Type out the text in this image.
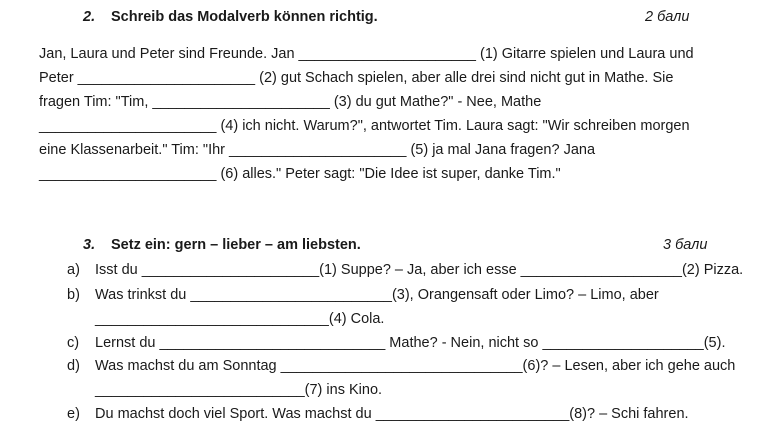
2. Schreib das Modalverb können richtig.	2 бали
Jan, Laura und Peter sind Freunde. Jan ______________________ (1) Gitarre spielen und Laura und
Peter ______________________ (2) gut Schach spielen, aber alle drei sind nicht gut in Mathe. Sie
fragen Tim: "Tim, ______________________ (3) du gut Mathe?" - Nee, Mathe
______________________ (4) ich nicht. Warum?", antwortet Tim. Laura sagt: "Wir schreiben morgen
eine Klassenarbeit." Tim: "Ihr ______________________ (5) ja mal Jana fragen? Jana
______________________ (6) alles." Peter sagt: "Die Idee ist super, danke Tim."
3. Setz ein: gern – lieber – am liebsten.	3 бали
a) Isst du ______________________(1) Suppe? – Ja, aber ich esse ____________________(2) Pizza.
b) Was trinkst du _________________________(3), Orangensaft oder Limo? – Limo, aber
_____________________________(4) Cola.
c) Lernst du ____________________________ Mathe? - Nein, nicht so ____________________(5).
d) Was machst du am Sonntag ______________________________(6)? – Lesen, aber ich gehe auch
__________________________(7) ins Kino.
e) Du machst doch viel Sport. Was machst du ________________________(8)? – Schi fahren.
